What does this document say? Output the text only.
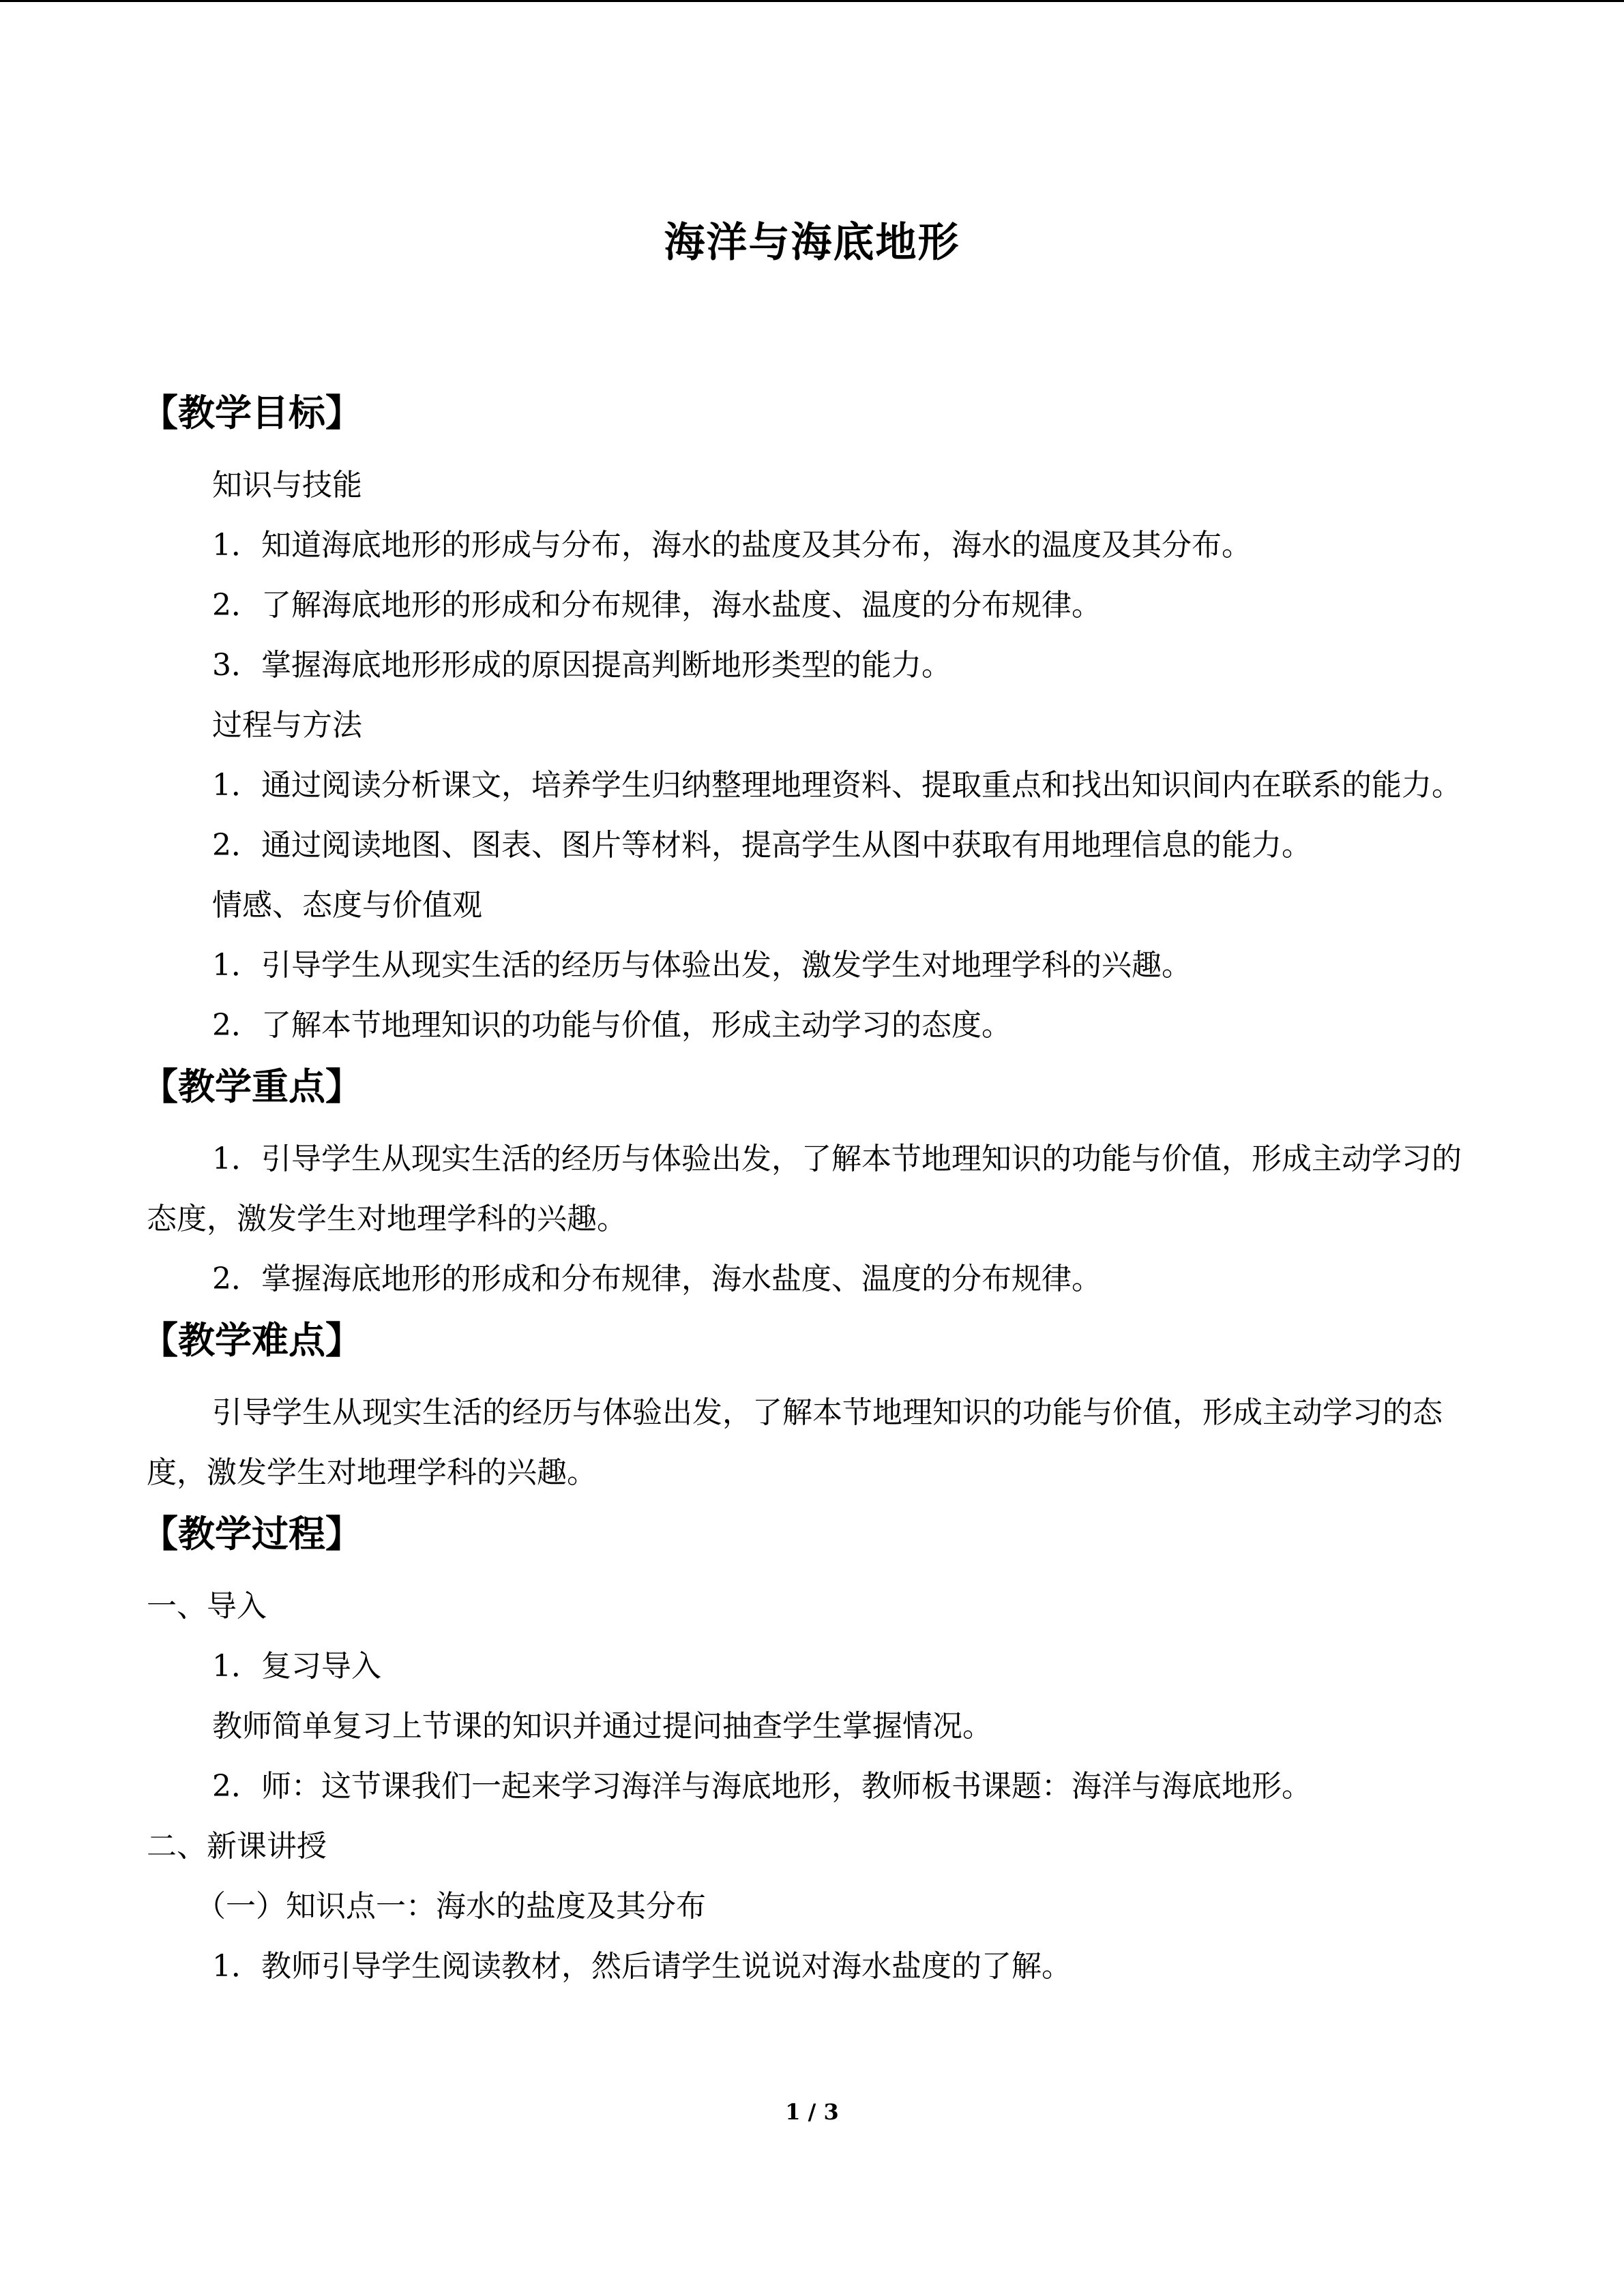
海洋与海底地形
【教学目标】

知识与技能

1．知道海底地形的形成与分布，海水的盐度及其分布，海水的温度及其分布。

2．了解海底地形的形成和分布规律，海水盐度、温度的分布规律。

3．掌握海底地形形成的原因提高判断地形类型的能力。

过程与方法

1．通过阅读分析课文，培养学生归纳整理地理资料、提取重点和找出知识间内在联系的能力。

2．通过阅读地图、图表、图片等材料，提高学生从图中获取有用地理信息的能力。

情感、态度与价值观

1．引导学生从现实生活的经历与体验出发，激发学生对地理学科的兴趣。

2．了解本节地理知识的功能与价值，形成主动学习的态度。

【教学重点】

1．引导学生从现实生活的经历与体验出发，了解本节地理知识的功能与价值，形成主动学习的态度，激发学生对地理学科的兴趣。

2．掌握海底地形的形成和分布规律，海水盐度、温度的分布规律。

【教学难点】

引导学生从现实生活的经历与体验出发，了解本节地理知识的功能与价值，形成主动学习的态度，激发学生对地理学科的兴趣。

【教学过程】

一、导入

1．复习导入

教师简单复习上节课的知识并通过提问抽查学生掌握情况。

2．师：这节课我们一起来学习海洋与海底地形，教师板书课题：海洋与海底地形。

二、新课讲授

（一）知识点一：海水的盐度及其分布

1．教师引导学生阅读教材，然后请学生说说对海水盐度的了解。

1 / 3
